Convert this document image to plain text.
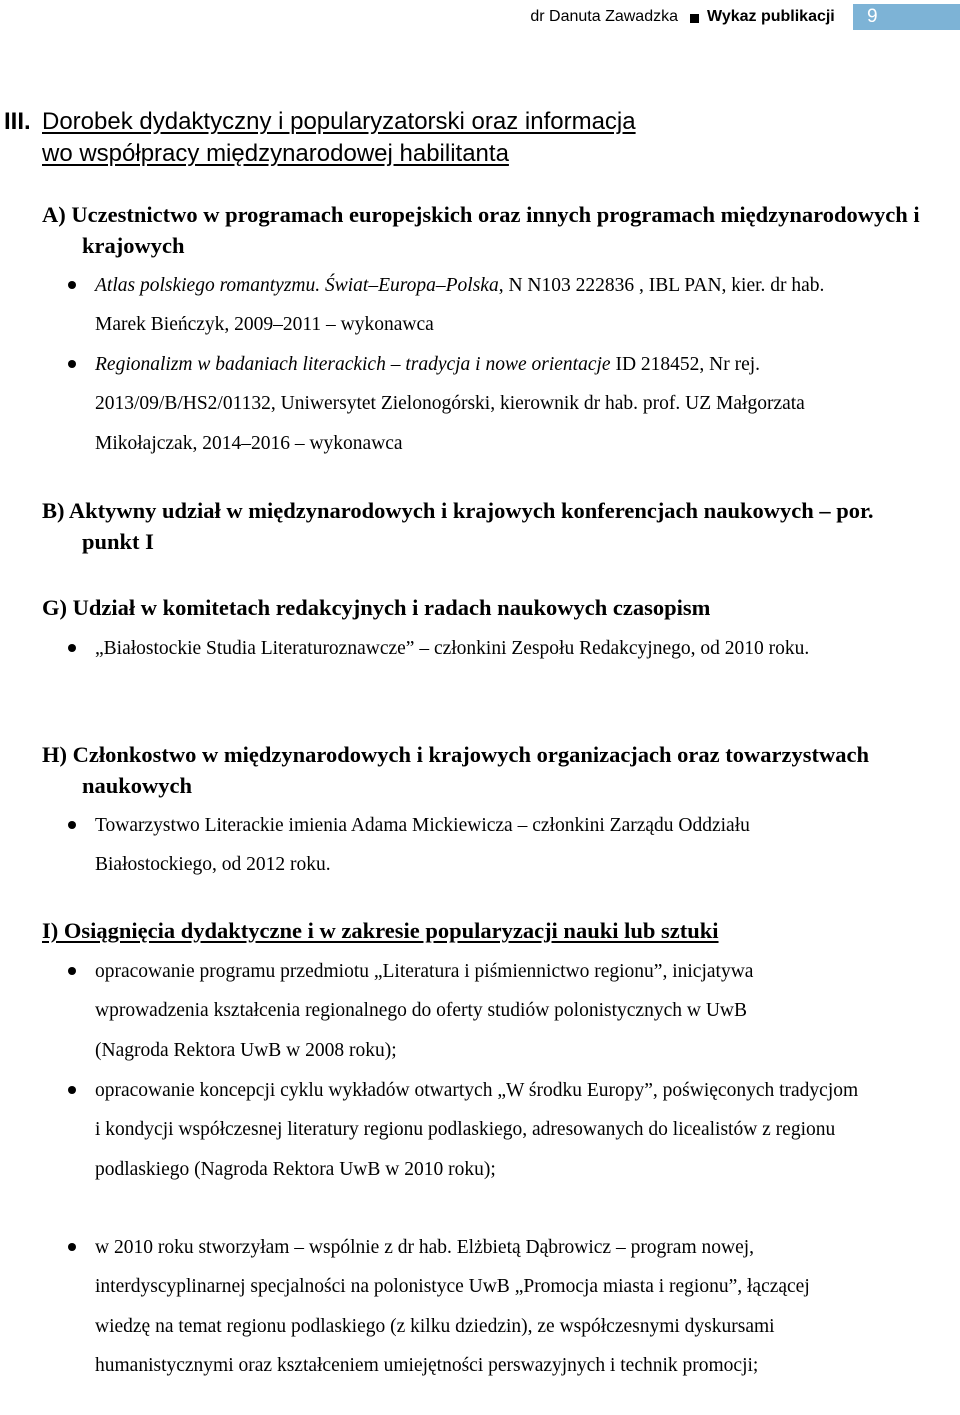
dr Danuta Zawadzka Wykaz publikacji	9
III. Dorobek dydaktyczny i popularyzatorski oraz informacja
wo współpracy międzynarodowej habilitanta
A) Uczestnictwo w programach europejskich oraz innych programach międzynarodowych i krajowych
Atlas polskiego romantyzmu. Świat–Europa–Polska, N N103 222836 , IBL PAN, kier. dr hab. Marek Bieńczyk, 2009–2011 – wykonawca
Regionalizm w badaniach literackich – tradycja i nowe orientacje ID 218452, Nr rej. 2013/09/B/HS2/01132, Uniwersytet Zielonogórski, kierownik dr hab. prof. UZ Małgorzata Mikołajczak, 2014–2016 – wykonawca
B) Aktywny udział w międzynarodowych i krajowych konferencjach naukowych – por. punkt I
G) Udział w komitetach redakcyjnych i radach naukowych czasopism
„Białostockie Studia Literaturoznawcze” – członkini Zespołu Redakcyjnego, od 2010 roku.
H) Członkostwo w międzynarodowych i krajowych organizacjach oraz towarzystwach naukowych
Towarzystwo Literackie imienia Adama Mickiewicza – członkini Zarządu Oddziału Białostockiego, od 2012 roku.
I) Osiągnięcia dydaktyczne i w zakresie popularyzacji nauki lub sztuki
opracowanie programu przedmiotu „Literatura i piśmiennictwo regionu”, inicjatywa wprowadzenia kształcenia regionalnego do oferty studiów polonistycznych w UwB (Nagroda Rektora UwB w 2008 roku);
opracowanie koncepcji cyklu wykładów otwartych „W środku Europy”, poświęconych tradycjom i kondycji współczesnej literatury regionu podlaskiego, adresowanych do licealistów z regionu podlaskiego (Nagroda Rektora UwB w 2010 roku);
w 2010 roku stworzyłam – wspólnie z dr hab. Elżbietą Dąbrowicz – program nowej, interdyscyplinarnej specjalności na polonistyce UwB „Promocja miasta i regionu”, łączącej wiedzę na temat regionu podlaskiego (z kilku dziedzin), ze współczesnymi dyskursami humanistycznymi oraz kształceniem umiejętności perswazyjnych i technik promocji;
